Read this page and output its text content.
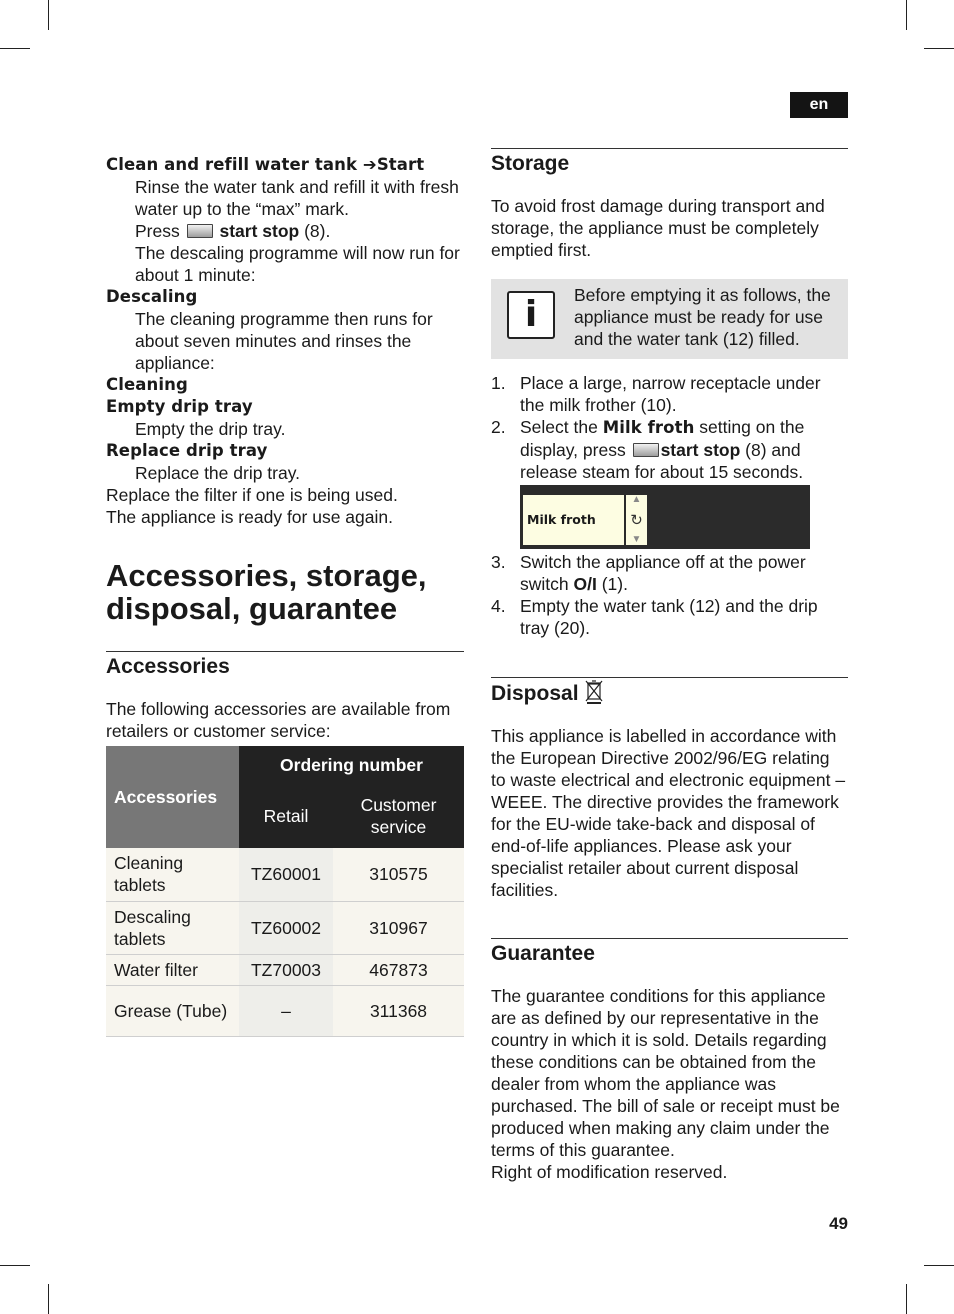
en
Clean and refill water tank ➔Start
Rinse the water tank and refill it with fresh water up to the “max” mark.
Press start stop (8).
The descaling programme will now run for about 1 minute:
Descaling
The cleaning programme then runs for about seven minutes and rinses the appliance:
Cleaning
Empty drip tray
Empty the drip tray.
Replace drip tray
Replace the drip tray.
Replace the filter if one is being used.
The appliance is ready for use again.
Accessories, storage,
disposal, guarantee
Accessories
The following accessories are available from retailers or customer service:
Accessories	Ordering number	
	Retail	Customer service
Cleaning tablets	TZ60001	310575
Descaling tablets	TZ60002	310967
Water filter	TZ70003	467873
Grease (Tube)	–	311368
Storage
To avoid frost damage during transport and storage, the appliance must be completely emptied first.
i	Before emptying it as follows, the appliance must be ready for use and the water tank (12) filled.
1. Place a large, narrow receptacle under the milk frother (10).
2. Select the Milk froth setting on the display, press start stop (8) and release steam for about 15 seconds.
Milk froth
▲
↻
▼
3. Switch the appliance off at the power switch O/I (1).
4. Empty the water tank (12) and the drip tray (20).
Disposal
This appliance is labelled in accordance with the European Directive 2002/96/EG relating to waste electrical and electronic equipment – WEEE. The directive provides the framework for the EU-wide take-back and disposal of end-of-life appliances. Please ask your specialist retailer about current disposal facilities.
Guarantee
The guarantee conditions for this appliance are as defined by our representative in the country in which it is sold. Details regarding these conditions can be obtained from the dealer from whom the appliance was purchased. The bill of sale or receipt must be produced when making any claim under the terms of this guarantee.
Right of modification reserved.
49
